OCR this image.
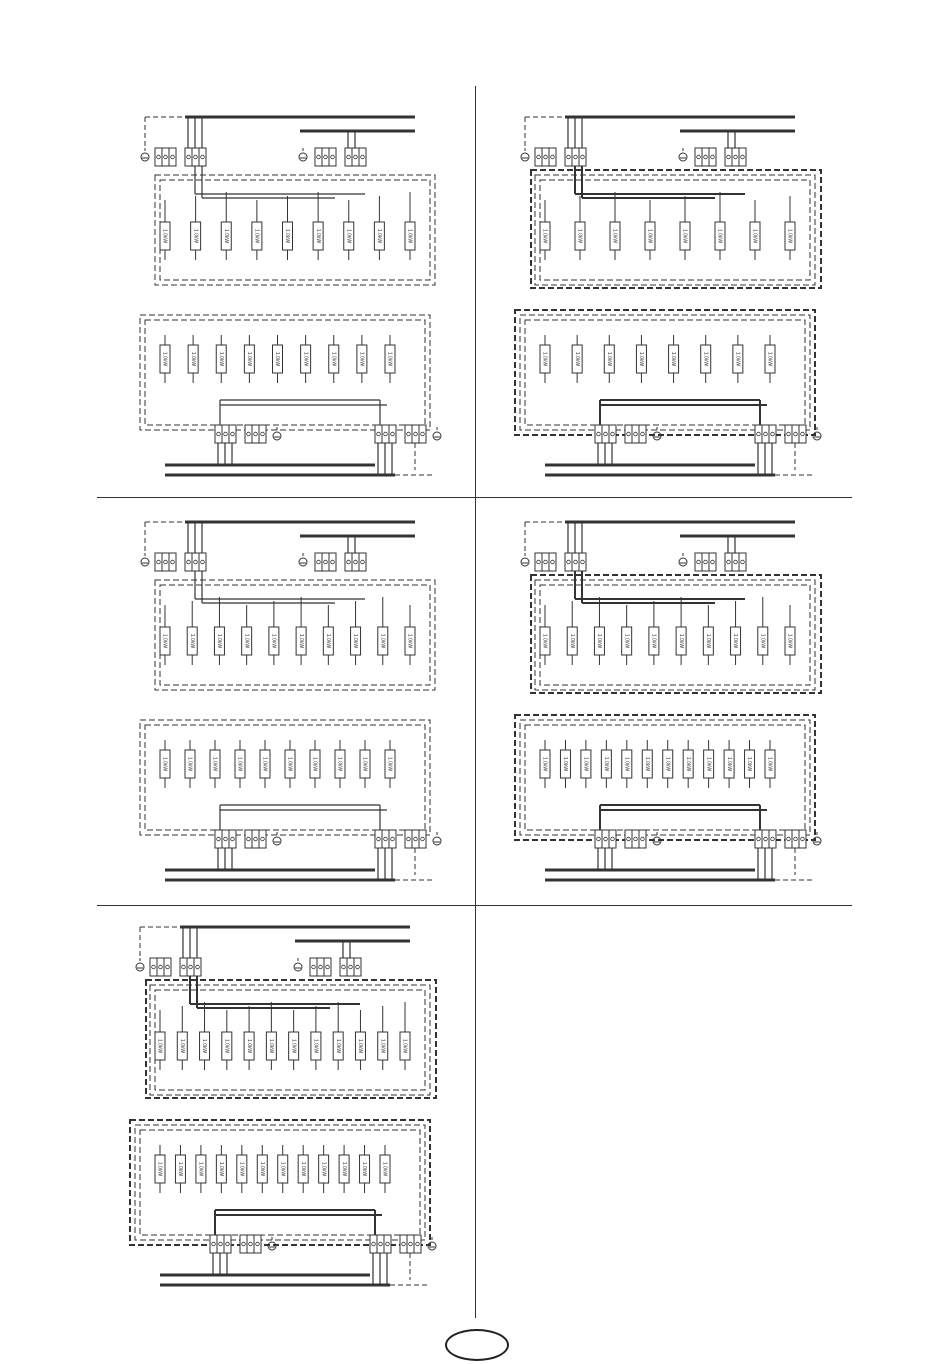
1.0kW	1.0kW	1.0kW	1.0kW	1.0kW	1.0kW	1.0kW	1.0kW	1.0kW
1.0kW	1.0kW	1.0kW	1.0kW	1.0kW	1.0kW	1.0kW	1.0kW	1.0kW
1.0kW	1.0kW	1.0kW	1.0kW	1.0kW	1.0kW	1.0kW	1.0kW
1.0kW	1.0kW	1.0kW	1.0kW	1.0kW	1.0kW	1.0kW	1.0kW
1.0kW	1.0kW	1.0kW	1.0kW	1.0kW	1.0kW	1.0kW	1.0kW	1.0kW	1.0kW
1.0kW	1.0kW	1.0kW	1.0kW	1.0kW	1.0kW	1.0kW	1.0kW	1.0kW	1.0kW
1.0kW	1.0kW	1.0kW	1.0kW	1.0kW	1.0kW	1.0kW	1.0kW	1.0kW	1.0kW
1.0kW	1.0kW	1.0kW	1.0kW	1.0kW	1.0kW	1.0kW	1.0kW	1.0kW	1.0kW	1.0kW	1.0kW
1.0kW	1.0kW	1.0kW	1.0kW	1.0kW	1.0kW	1.0kW	1.0kW	1.0kW	1.0kW	1.0kW	1.0kW
1.0kW	1.0kW	1.0kW	1.0kW	1.0kW	1.0kW	1.0kW	1.0kW	1.0kW	1.0kW	1.0kW	1.0kW
